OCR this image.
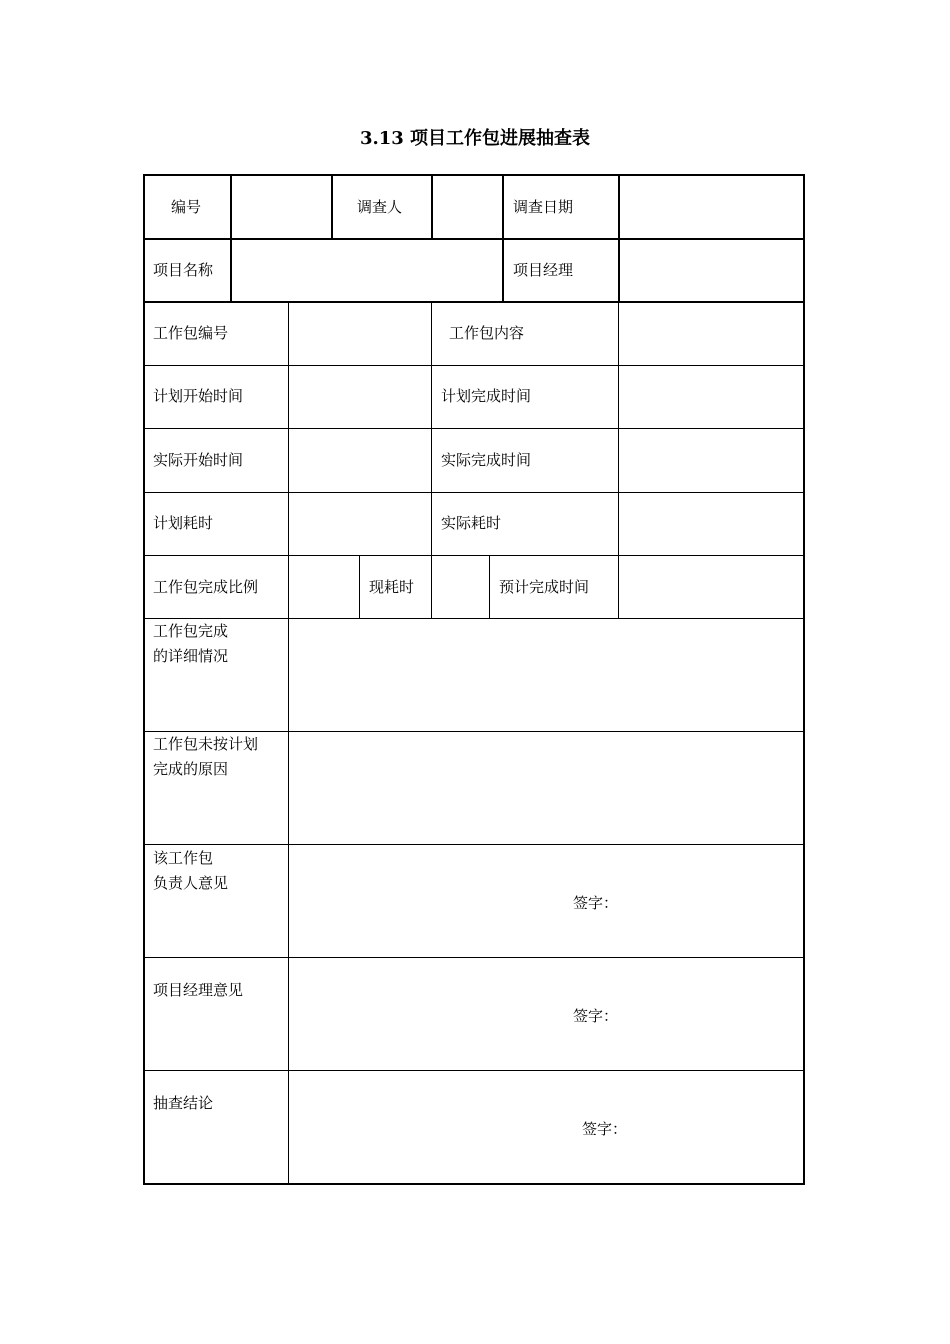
3.13 项目工作包进展抽查表
编号	调查人	调查日期
项目名称	项目经理
工作包编号	工作包内容
计划开始时间	计划完成时间
实际开始时间	实际完成时间
计划耗时	实际耗时
工作包完成比例	现耗时	预计完成时间
工作包完成
的详细情况
工作包未按计划
完成的原因
该工作包
负责人意见
签字：
项目经理意见
签字：
抽查结论
签字：
